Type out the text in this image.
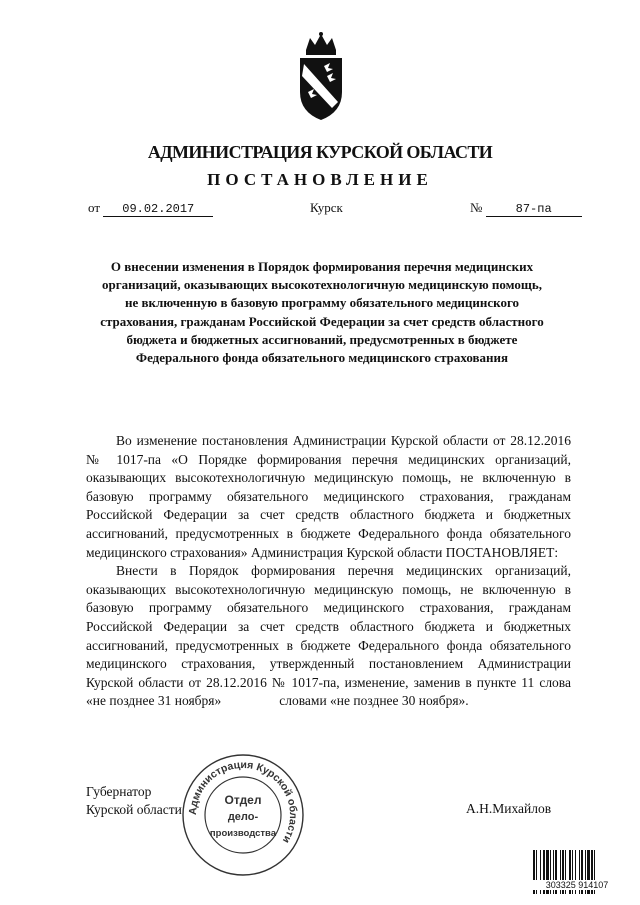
АДМИНИСТРАЦИЯ КУРСКОЙ ОБЛАСТИ
ПОСТАНОВЛЕНИЕ
от 09.02.2017	Курск	№	87-па
О внесении изменения в Порядок формирования перечня медицинских организаций, оказывающих высокотехнологичную медицинскую помощь, не включенную в базовую программу обязательного медицинского страхования, гражданам Российской Федерации за счет средств областного бюджета и бюджетных ассигнований, предусмотренных в бюджете Федерального фонда обязательного медицинского страхования

Во изменение постановления Администрации Курской области от 28.12.2016 № 1017-па «О Порядке формирования перечня медицинских организаций, оказывающих высокотехнологичную медицинскую помощь, не включенную в базовую программу обязательного медицинского страхования, гражданам Российской Федерации за счет средств областного бюджета и бюджетных ассигнований, предусмотренных в бюджете Федерального фонда обязательного медицинского страхования» Администрация Курской области ПОСТАНОВЛЯЕТ:

Внести в Порядок формирования перечня медицинских организаций, оказывающих высокотехнологичную медицинскую помощь, не включенную в базовую программу обязательного медицинского страхования, гражданам Российской Федерации за счет средств областного бюджета и бюджетных ассигнований, предусмотренных в бюджете Федерального фонда обязательного медицинского страхования, утвержденный постановлением Администрации Курской области от 28.12.2016 № 1017-па, изменение, заменив в пункте 11 слова «не позднее 31 ноября»	словами «не позднее 30 ноября».

Губернатор
Курской области	А.Н.Михайлов
Администрация Курской области
Отдел
дело-
производства
303325 914107
